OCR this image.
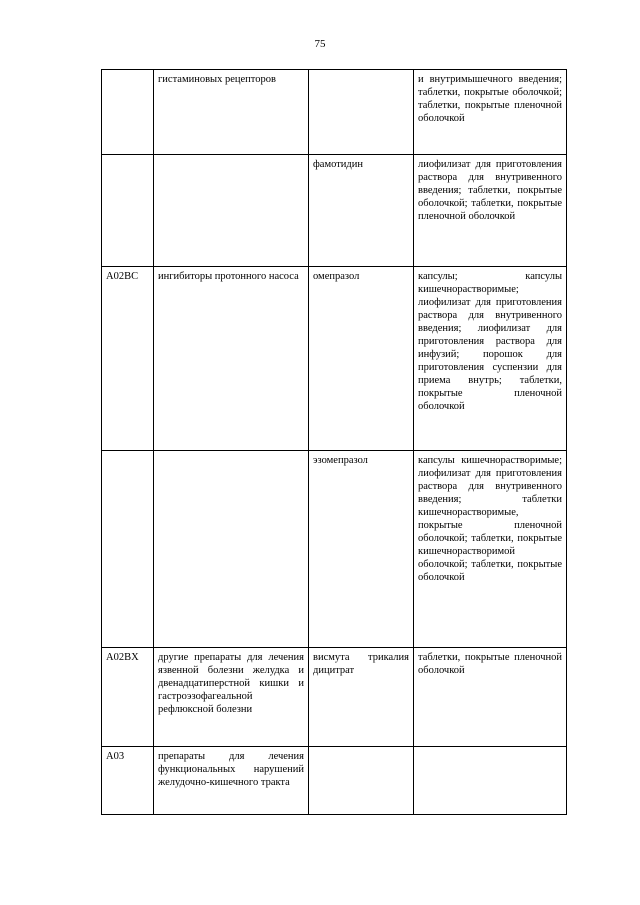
75
	гистаминовых рецепторов		и внутримышечного введения; таблетки, покрытые оболочкой; таблетки, покрытые пленочной оболочкой
		фамотидин	лиофилизат для приготовления раствора для внутривенного введения; таблетки, покрытые оболочкой; таблетки, покрытые пленочной оболочкой
A02BC	ингибиторы протонного насоса	омепразол	капсулы; капсулы кишечнорастворимые; лиофилизат для приготовления раствора для внутривенного введения; лиофилизат для приготовления раствора для инфузий; порошок для приготовления суспензии для приема внутрь; таблетки, покрытые пленочной оболочкой
		эзомепразол	капсулы кишечнорастворимые; лиофилизат для приготовления раствора для внутривенного введения; таблетки кишечнорастворимые, покрытые пленочной оболочкой; таблетки, покрытые кишечнорастворимой оболочкой; таблетки, покрытые оболочкой
A02BX	другие препараты для лечения язвенной болезни желудка и двенадцатиперстной кишки и гастроэзофагеальной рефлюксной болезни	висмута трикалия дицитрат	таблетки, покрытые пленочной оболочкой
A03	препараты для лечения функциональных нарушений желудочно-кишечного тракта		
